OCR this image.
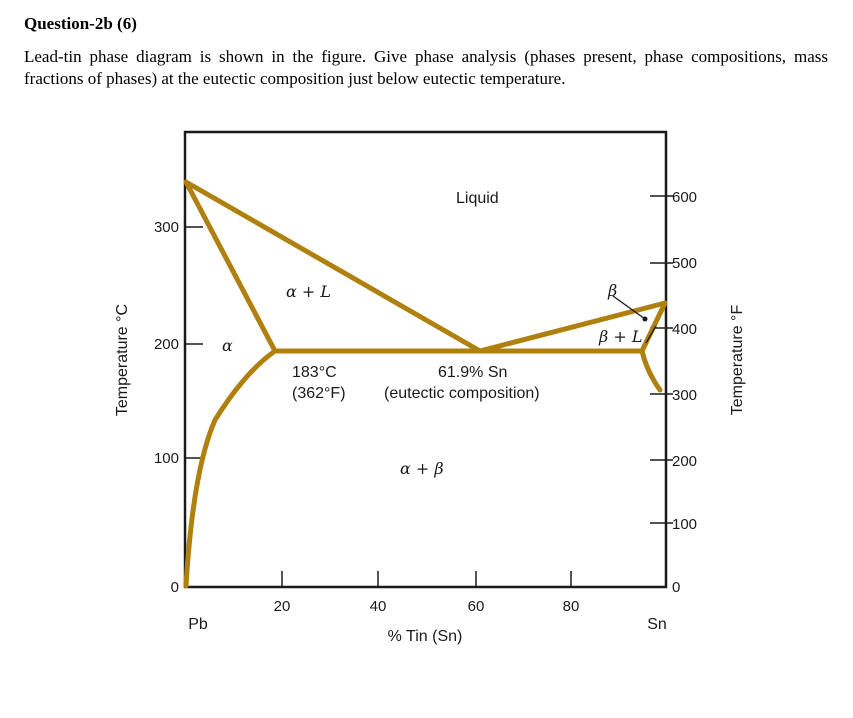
Question-2b (6)
Lead-tin phase diagram is shown in the figure. Give phase analysis (phases present, phase compositions, mass fractions of phases) at the eutectic composition just below eutectic temperature.
300
200
100
0
600
500
400
300
200
100
0
20	40	60	80
Pb	Sn
% Tin (Sn)
Temperature °C	Temperature °F
Liquid
α + L
α
β
β + L
α + β
183°C
(362°F)
61.9% Sn
(eutectic composition)
